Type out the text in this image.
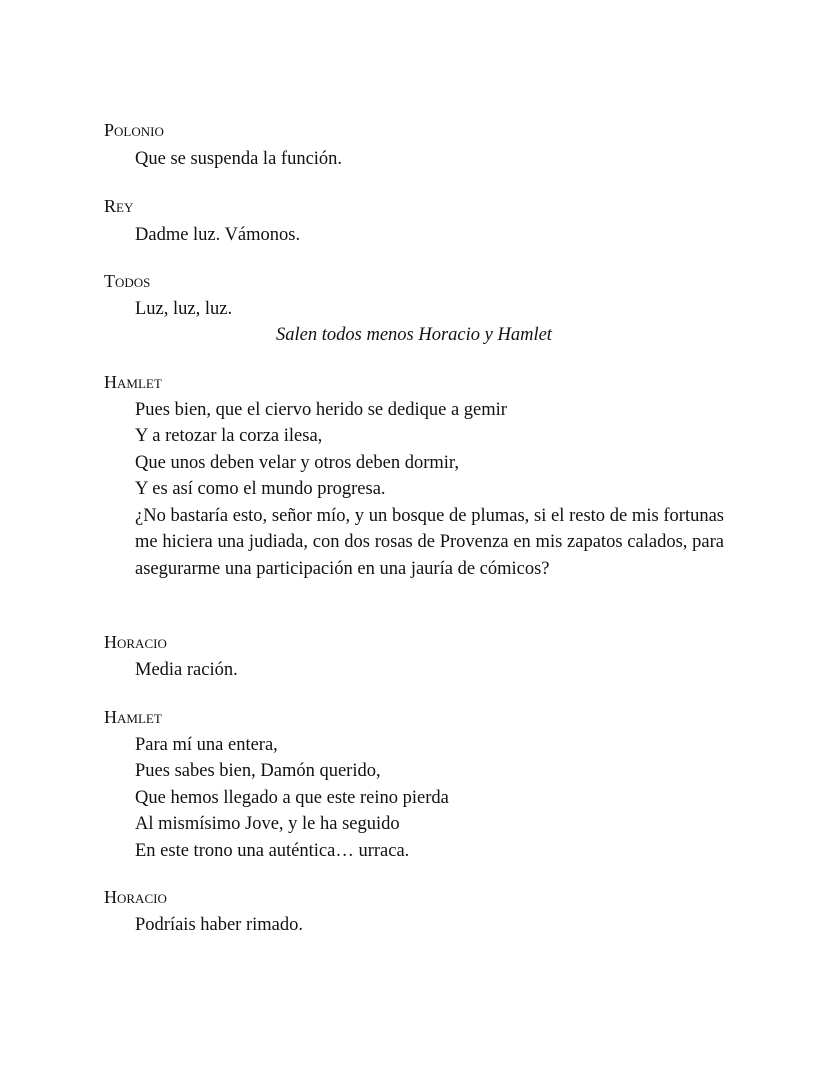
Polonio
Que se suspenda la función.
Rey
Dadme luz. Vámonos.
Todos
Luz, luz, luz.
Salen todos menos Horacio y Hamlet
Hamlet
Pues bien, que el ciervo herido se dedique a gemir
Y a retozar la corza ilesa,
Que unos deben velar y otros deben dormir,
Y es así como el mundo progresa.
¿No bastaría esto, señor mío, y un bosque de plumas, si el resto de mis fortunas me hiciera una judiada, con dos rosas de Provenza en mis zapatos calados, para asegurarme una participación en una jauría de cómicos?
Horacio
Media ración.
Hamlet
Para mí una entera,
Pues sabes bien, Damón querido,
Que hemos llegado a que este reino pierda
Al mismísimo Jove, y le ha seguido
En este trono una auténtica… urraca.
Horacio
Podríais haber rimado.
